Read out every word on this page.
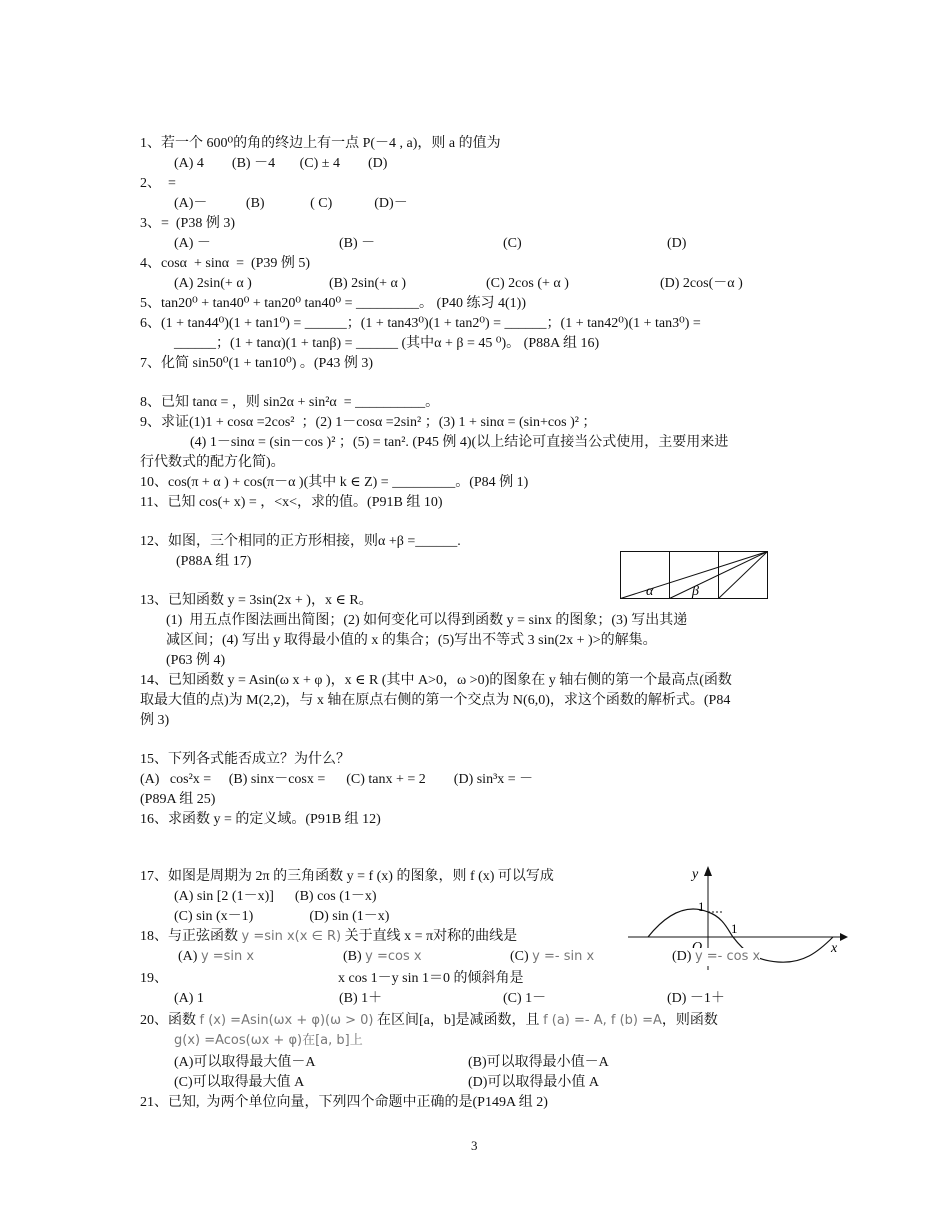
1、若一个 600⁰的角的终边上有一点 P(－4 , a)，则 a 的值为
(A) 4        (B) －4       (C) ± 4        (D)
2、  =
(A)－           (B)             ( C)            (D)－
3、=  (P38 例 3)
(A) －	(B) －	(C)	(D)
4、cosα  + sinα  =  (P39 例 5)
(A) 2sin(+ α )	(B) 2sin(+ α )	(C) 2cos (+ α )	(D) 2cos(－α )
5、tan20⁰ + tan40⁰ + tan20⁰ tan40⁰ = _________。 (P40 练习 4(1))
6、(1 + tan44⁰)(1 + tan1⁰) = ______；(1 + tan43⁰)(1 + tan2⁰) = ______；(1 + tan42⁰)(1 + tan3⁰) =
______；(1 + tanα)(1 + tanβ) = ______ (其中α + β = 45 ⁰)。 (P88A 组 16)
7、化简 sin50⁰(1 + tan10⁰) 。(P43 例 3)
8、已知 tanα = ，则 sin2α + sin²α  = __________。
9、求证(1)1 + cosα =2cos²  ；(2) 1－cosα =2sin² ；(3) 1 + sinα = (sin+cos )² ；
(4) 1－sinα = (sin－cos )² ；(5) = tan². (P45 例 4)(以上结论可直接当公式使用，主要用来进
行代数式的配方化简)。
10、cos(π + α ) + cos(π－α )(其中 k ∈ Z) = _________。(P84 例 1)
11、已知 cos(+ x) = ，<x<，求的值。(P91B 组 10)
12、如图，三个相同的正方形相接，则α +β =______.
(P88A 组 17)
α	β
13、已知函数 y = 3sin(2x + )，x ∈ R。
(1)  用五点作图法画出简图；(2) 如何变化可以得到函数 y = sinx 的图象；(3) 写出其递
减区间；(4) 写出 y 取得最小值的 x 的集合；(5)写出不等式 3 sin(2x + )>的解集。
(P63 例 4)
14、已知函数 y = Asin(ω x + φ )，x ∈ R (其中 A>0，ω >0)的图象在 y 轴右侧的第一个最高点(函数
取最大值的点)为 M(2,2)，与 x 轴在原点右侧的第一个交点为 N(6,0)，求这个函数的解析式。(P84
例 3)
15、下列各式能否成立？为什么？
(A)   cos²x =     (B) sinx－cosx =      (C) tanx + = 2        (D) sin³x = －
(P89A 组 25)
16、求函数 y = 的定义域。(P91B 组 12)
17、如图是周期为 2π 的三角函数 y = f (x) 的图象，则 f (x) 可以写成
(A) sin [2 (1－x)]      (B) cos (1－x)
(C) sin (x－1)                (D) sin (1－x)
y
x
1
1
18、与正弦函数 y =sin x(x ∈ R) 关于直线 x = π对称的曲线是
(A) y =sin x	(B) y =cos x	(C) y =- sin x	(D) y =- cos x
19、	x cos 1－y sin 1＝0 的倾斜角是
(A) 1	(B) 1＋	(C) 1－	(D) －1＋
20、函数 f (x) =Asin(ωx + φ)(ω > 0) 在区间[a，b]是减函数，且 f (a) =- A, f (b) =A，则函数
g(x) =Acos(ωx + φ)在[a, b]上
(A)可以取得最大值－A	(B)可以取得最小值－A
(C)可以取得最大值 A	(D)可以取得最小值 A
21、已知,  为两个单位向量，下列四个命题中正确的是(P149A 组 2)
3
